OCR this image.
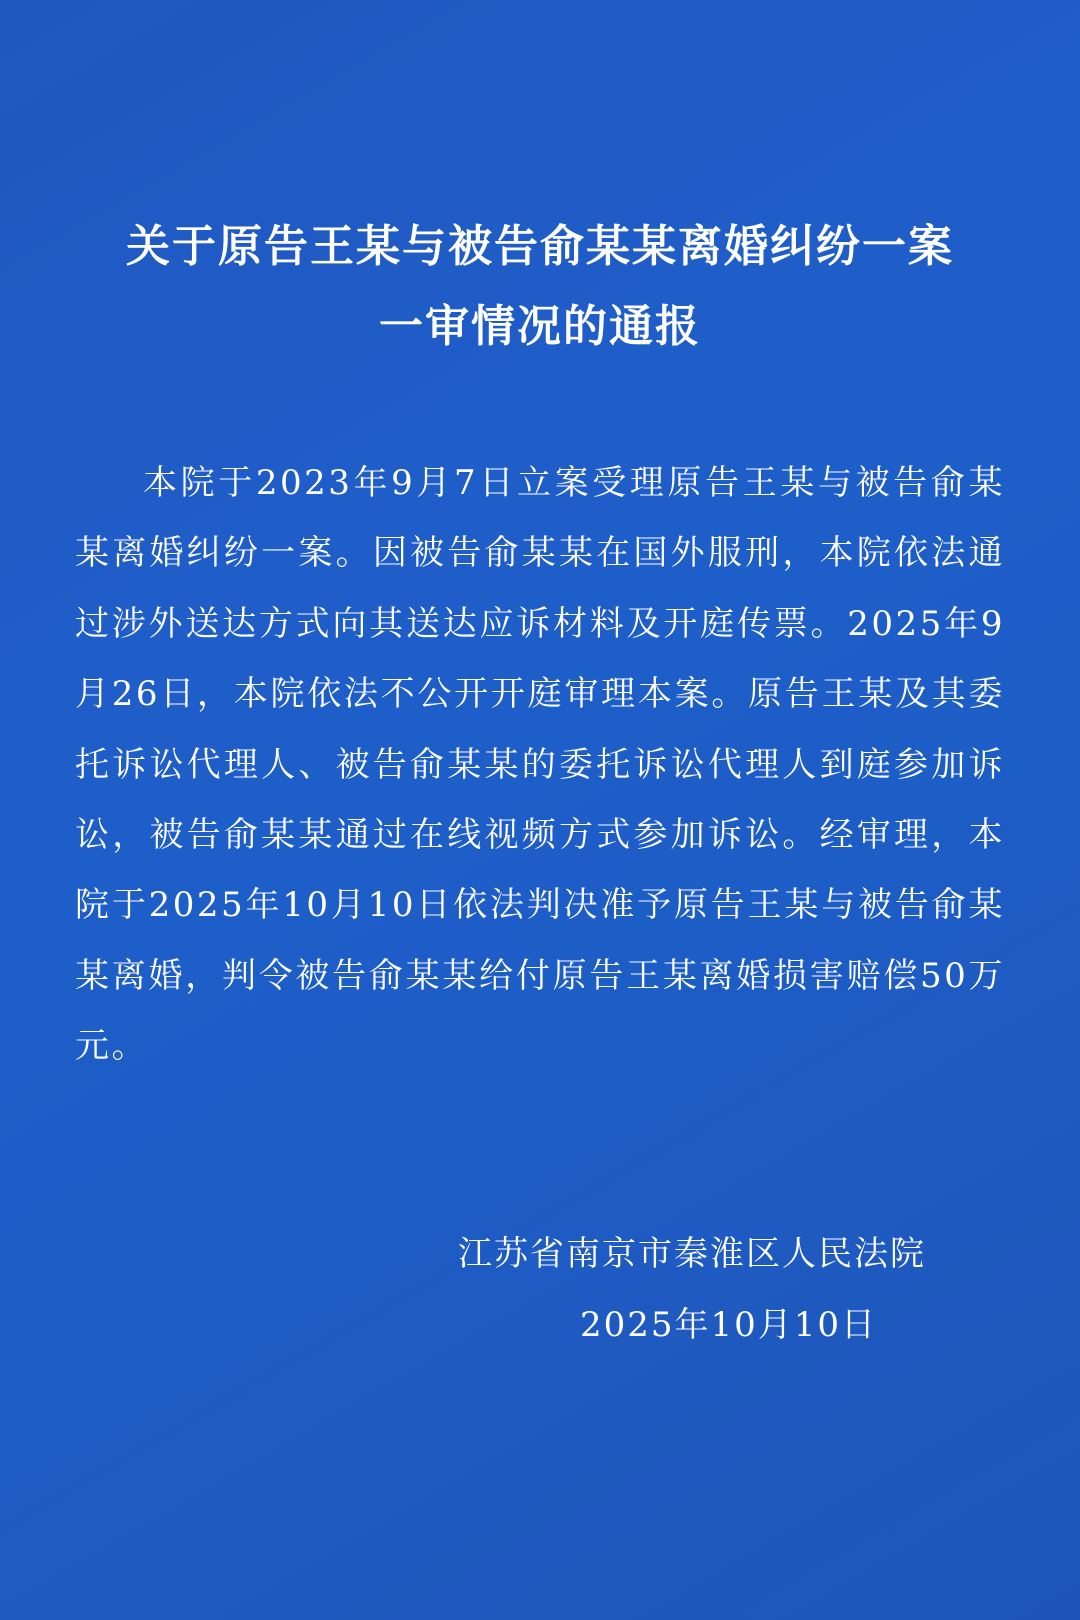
关于原告王某与被告俞某某离婚纠纷一案
一审情况的通报

本院于2023年9月7日立案受理原告王某与被告俞某某离婚纠纷一案。因被告俞某某在国外服刑，本院依法通过涉外送达方式向其送达应诉材料及开庭传票。2025年9月26日，本院依法不公开开庭审理本案。原告王某及其委托诉讼代理人、被告俞某某的委托诉讼代理人到庭参加诉讼，被告俞某某通过在线视频方式参加诉讼。经审理，本院于2025年10月10日依法判决准予原告王某与被告俞某某离婚，判令被告俞某某给付原告王某离婚损害赔偿50万元。

江苏省南京市秦淮区人民法院
2025年10月10日
